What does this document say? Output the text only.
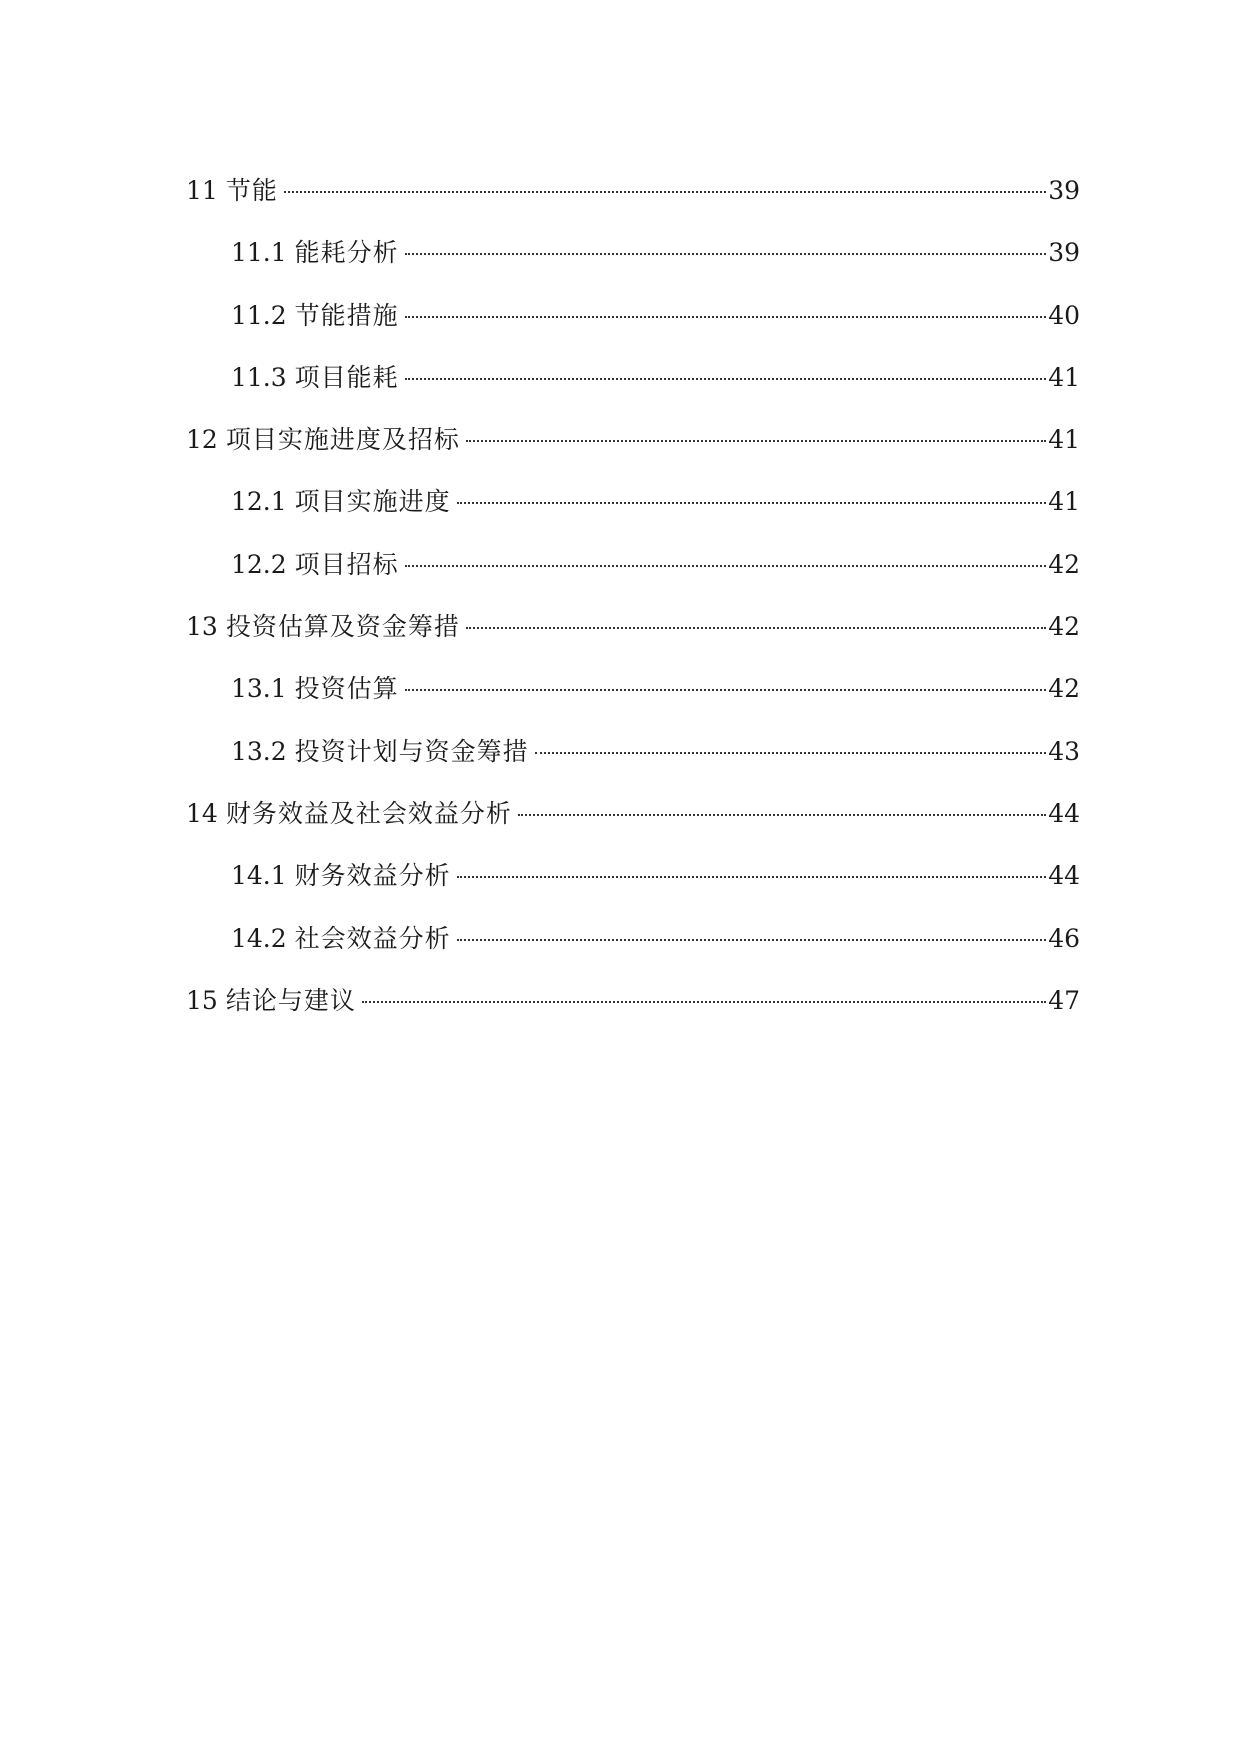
11 节能	39
11.1 能耗分析	39
11.2 节能措施	40
11.3 项目能耗	41
12 项目实施进度及招标	41
12.1 项目实施进度	41
12.2 项目招标	42
13 投资估算及资金筹措	42
13.1 投资估算	42
13.2 投资计划与资金筹措	43
14 财务效益及社会效益分析	44
14.1 财务效益分析	44
14.2 社会效益分析	46
15 结论与建议	47
